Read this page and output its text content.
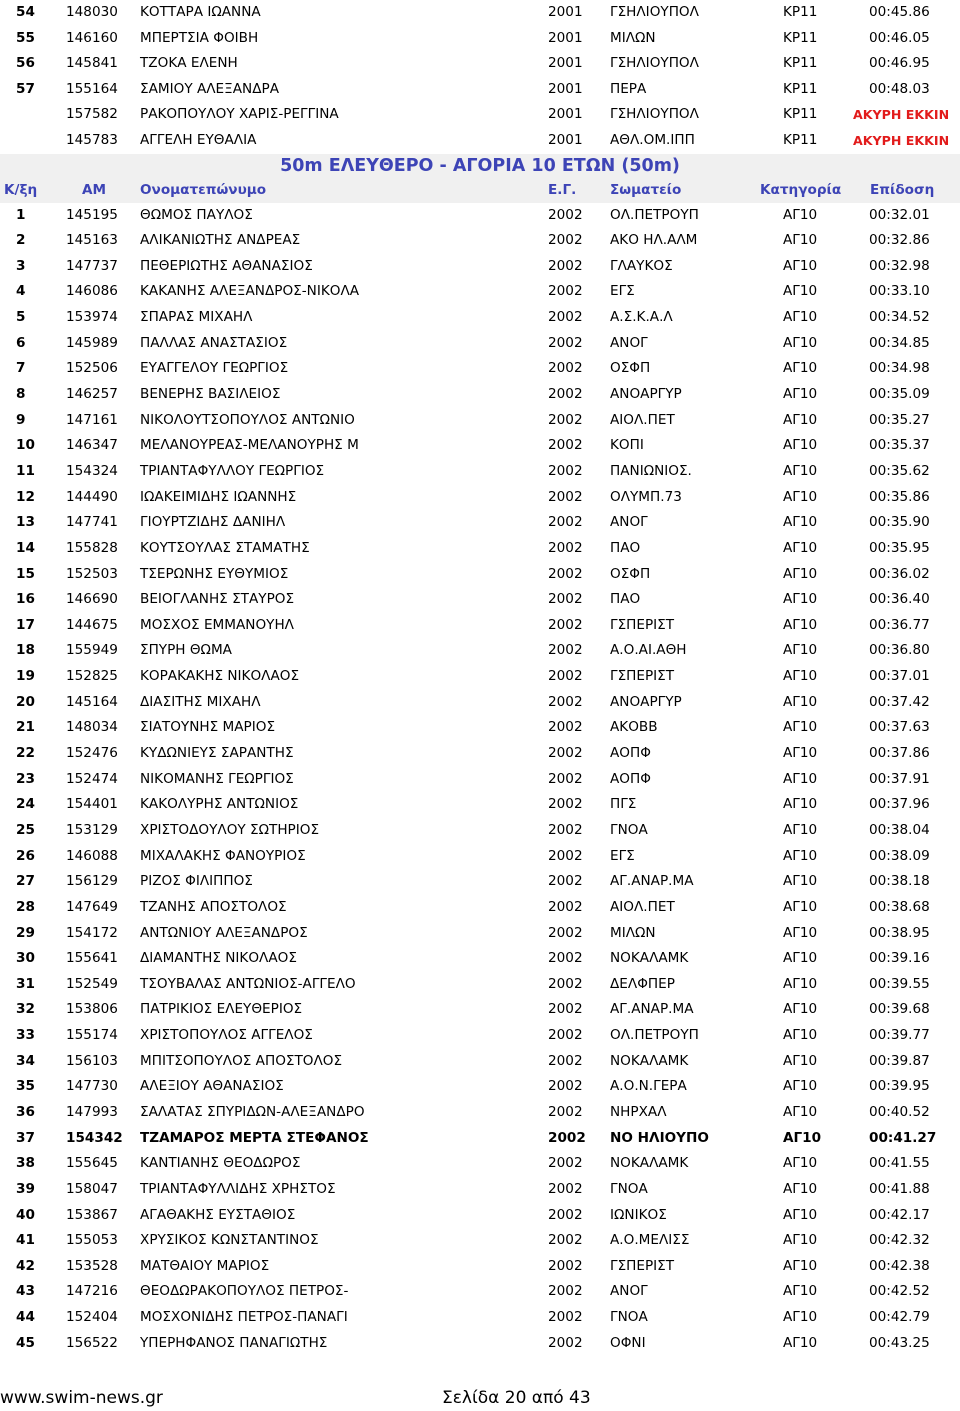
54 148030 ΚΟΤΤΑΡΑ ΙΩΑΝΝΑ	2001 ΓΣΗΛΙΟΥΠΟΛ	ΚΡ11	00:45.86
55 146160 ΜΠΕΡΤΣΙΑ ΦΟΙΒΗ	2001 ΜΙΛΩΝ	ΚΡ11	00:46.05
56 145841 ΤΖΟΚΑ ΕΛΕΝΗ	2001 ΓΣΗΛΙΟΥΠΟΛ	ΚΡ11	00:46.95
57 155164 ΣΑΜΙΟΥ ΑΛΕΞΑΝΔΡΑ	2001 ΠΕΡΑ	ΚΡ11	00:48.03
157582 ΡΑΚΟΠΟΥΛΟΥ ΧΑΡΙΣ-ΡΕΓΓΙΝΑ	2001 ΓΣΗΛΙΟΥΠΟΛ	ΚΡ11	ΑΚΥΡΗ ΕΚΚΙΝ
145783 ΑΓΓΕΛΗ ΕΥΘΑΛΙΑ	2001 ΑΘΛ.ΟΜ.ΙΠΠ	ΚΡ11	ΑΚΥΡΗ ΕΚΚΙΝ
50m ΕΛΕΥΘΕΡΟ - ΑΓΟΡΙΑ 10 ΕΤΩΝ (50m)
Κ/ξη	ΑΜ Ονοματεπώνυμο	Ε.Γ. Σωματείο	Κατηγορία Επίδοση
1	145195 ΘΩΜΟΣ ΠΑΥΛΟΣ	2002 ΟΛ.ΠΕΤΡΟΥΠ	ΑΓ10	00:32.01
2	145163 ΑΛΙΚΑΝΙΩΤΗΣ ΑΝΔΡΕΑΣ	2002 ΑΚΟ ΗΛ.ΑΛΜ	ΑΓ10	00:32.86
3	147737 ΠΕΘΕΡΙΩΤΗΣ ΑΘΑΝΑΣΙΟΣ	2002 ΓΛΑΥΚΟΣ	ΑΓ10	00:32.98
4	146086 ΚΑΚΑΝΗΣ ΑΛΕΞΑΝΔΡΟΣ-ΝΙΚΟΛΑ	2002 ΕΓΣ	ΑΓ10	00:33.10
5	153974 ΣΠΑΡΑΣ ΜΙΧΑΗΛ	2002 Α.Σ.Κ.Α.Λ	ΑΓ10	00:34.52
6	145989 ΠΑΛΛΑΣ ΑΝΑΣΤΑΣΙΟΣ	2002 ΑΝΟΓ	ΑΓ10	00:34.85
7	152506 ΕΥΑΓΓΕΛΟΥ ΓΕΩΡΓΙΟΣ	2002 ΟΣΦΠ	ΑΓ10	00:34.98
8	146257 ΒΕΝΕΡΗΣ ΒΑΣΙΛΕΙΟΣ	2002 ΑΝΟΑΡΓΥΡ	ΑΓ10	00:35.09
9	147161 ΝΙΚΟΛΟΥΤΣΟΠΟΥΛΟΣ ΑΝΤΩΝΙΟ	2002 ΑΙΟΛ.ΠΕΤ	ΑΓ10	00:35.27
10 146347 ΜΕΛΑΝΟΥΡΕΑΣ-ΜΕΛΑΝΟΥΡΗΣ Μ	2002 ΚΟΠΙ	ΑΓ10	00:35.37
11 154324 ΤΡΙΑΝΤΑΦΥΛΛΟΥ ΓΕΩΡΓΙΟΣ	2002 ΠΑΝΙΩΝΙΟΣ.	ΑΓ10	00:35.62
12 144490 ΙΩΑΚΕΙΜΙΔΗΣ ΙΩΑΝΝΗΣ	2002 ΟΛΥΜΠ.73	ΑΓ10	00:35.86
13 147741 ΓΙΟΥΡΤΖΙΔΗΣ ΔΑΝΙΗΛ	2002 ΑΝΟΓ	ΑΓ10	00:35.90
14 155828 ΚΟΥΤΣΟΥΛΑΣ ΣΤΑΜΑΤΗΣ	2002 ΠΑΟ	ΑΓ10	00:35.95
15 152503 ΤΣΕΡΩΝΗΣ ΕΥΘΥΜΙΟΣ	2002 ΟΣΦΠ	ΑΓ10	00:36.02
16 146690 ΒΕΙΟΓΛΑΝΗΣ ΣΤΑΥΡΟΣ	2002 ΠΑΟ	ΑΓ10	00:36.40
17 144675 ΜΟΣΧΟΣ ΕΜΜΑΝΟΥΗΛ	2002 ΓΣΠΕΡΙΣΤ	ΑΓ10	00:36.77
18 155949 ΣΠΥΡΗ ΘΩΜΑ	2002 Α.Ο.ΑΙ.ΑΘΗ	ΑΓ10	00:36.80
19 152825 ΚΟΡΑΚΑΚΗΣ ΝΙΚΟΛΑΟΣ	2002 ΓΣΠΕΡΙΣΤ	ΑΓ10	00:37.01
20 145164 ΔΙΑΣΙΤΗΣ ΜΙΧΑΗΛ	2002 ΑΝΟΑΡΓΥΡ	ΑΓ10	00:37.42
21 148034 ΣΙΑΤΟΥΝΗΣ ΜΑΡΙΟΣ	2002 ΑΚΟΒΒ	ΑΓ10	00:37.63
22 152476 ΚΥΔΩΝΙΕΥΣ ΣΑΡΑΝΤΗΣ	2002 ΑΟΠΦ	ΑΓ10	00:37.86
23 152474 ΝΙΚΟΜΑΝΗΣ ΓΕΩΡΓΙΟΣ	2002 ΑΟΠΦ	ΑΓ10	00:37.91
24 154401 ΚΑΚΟΛΥΡΗΣ ΑΝΤΩΝΙΟΣ	2002 ΠΓΣ	ΑΓ10	00:37.96
25 153129 ΧΡΙΣΤΟΔΟΥΛΟΥ ΣΩΤΗΡΙΟΣ	2002 ΓΝΟΑ	ΑΓ10	00:38.04
26 146088 ΜΙΧΑΛΑΚΗΣ ΦΑΝΟΥΡΙΟΣ	2002 ΕΓΣ	ΑΓ10	00:38.09
27 156129 ΡΙΖΟΣ ΦΙΛΙΠΠΟΣ	2002 ΑΓ.ΑΝΑΡ.ΜΑ	ΑΓ10	00:38.18
28 147649 ΤΖΑΝΗΣ ΑΠΟΣΤΟΛΟΣ	2002 ΑΙΟΛ.ΠΕΤ	ΑΓ10	00:38.68
29 154172 ΑΝΤΩΝΙΟΥ ΑΛΕΞΑΝΔΡΟΣ	2002 ΜΙΛΩΝ	ΑΓ10	00:38.95
30 155641 ΔΙΑΜΑΝΤΗΣ ΝΙΚΟΛΑΟΣ	2002 ΝΟΚΑΛΑΜΚ	ΑΓ10	00:39.16
31 152549 ΤΣΟΥΒΑΛΑΣ ΑΝΤΩΝΙΟΣ-ΑΓΓΕΛΟ	2002 ΔΕΛΦΠΕΡ	ΑΓ10	00:39.55
32 153806 ΠΑΤΡΙΚΙΟΣ ΕΛΕΥΘΕΡΙΟΣ	2002 ΑΓ.ΑΝΑΡ.ΜΑ	ΑΓ10	00:39.68
33 155174 ΧΡΙΣΤΟΠΟΥΛΟΣ ΑΓΓΕΛΟΣ	2002 ΟΛ.ΠΕΤΡΟΥΠ	ΑΓ10	00:39.77
34 156103 ΜΠΙΤΣΟΠΟΥΛΟΣ ΑΠΟΣΤΟΛΟΣ	2002 ΝΟΚΑΛΑΜΚ	ΑΓ10	00:39.87
35 147730 ΑΛΕΞΙΟΥ ΑΘΑΝΑΣΙΟΣ	2002 Α.Ο.Ν.ΓΕΡΑ	ΑΓ10	00:39.95
36 147993 ΣΑΛΑΤΑΣ ΣΠΥΡΙΔΩΝ-ΑΛΕΞΑΝΔΡΟ	2002 ΝΗΡΧΑΛ	ΑΓ10	00:40.52
37 154342 ΤΖΑΜΑΡΟΣ ΜΕΡΤΑ ΣΤΕΦΑΝΟΣ	2002 ΝΟ ΗΛΙΟΥΠΟ	ΑΓ10	00:41.27
38 155645 ΚΑΝΤΙΑΝΗΣ ΘΕΟΔΩΡΟΣ	2002 ΝΟΚΑΛΑΜΚ	ΑΓ10	00:41.55
39 158047 ΤΡΙΑΝΤΑΦΥΛΛΙΔΗΣ ΧΡΗΣΤΟΣ	2002 ΓΝΟΑ	ΑΓ10	00:41.88
40 153867 ΑΓΑΘΑΚΗΣ ΕΥΣΤΑΘΙΟΣ	2002 ΙΩΝΙΚΟΣ	ΑΓ10	00:42.17
41 155053 ΧΡΥΣΙΚΟΣ ΚΩΝΣΤΑΝΤΙΝΟΣ	2002 Α.Ο.ΜΕΛΙΣΣ	ΑΓ10	00:42.32
42 153528 ΜΑΤΘΑΙΟΥ ΜΑΡΙΟΣ	2002 ΓΣΠΕΡΙΣΤ	ΑΓ10	00:42.38
43 147216 ΘΕΟΔΩΡΑΚΟΠΟΥΛΟΣ ΠΕΤΡΟΣ-	2002 ΑΝΟΓ	ΑΓ10	00:42.52
44 152404 ΜΟΣΧΟΝΙΔΗΣ ΠΕΤΡΟΣ-ΠΑΝΑΓΙ	2002 ΓΝΟΑ	ΑΓ10	00:42.79
45 156522 ΥΠΕΡΗΦΑΝΟΣ ΠΑΝΑΓΙΩΤΗΣ	2002 ΟΦΝΙ	ΑΓ10	00:43.25
www.swim-news.gr	Σελίδα 20 από 43
